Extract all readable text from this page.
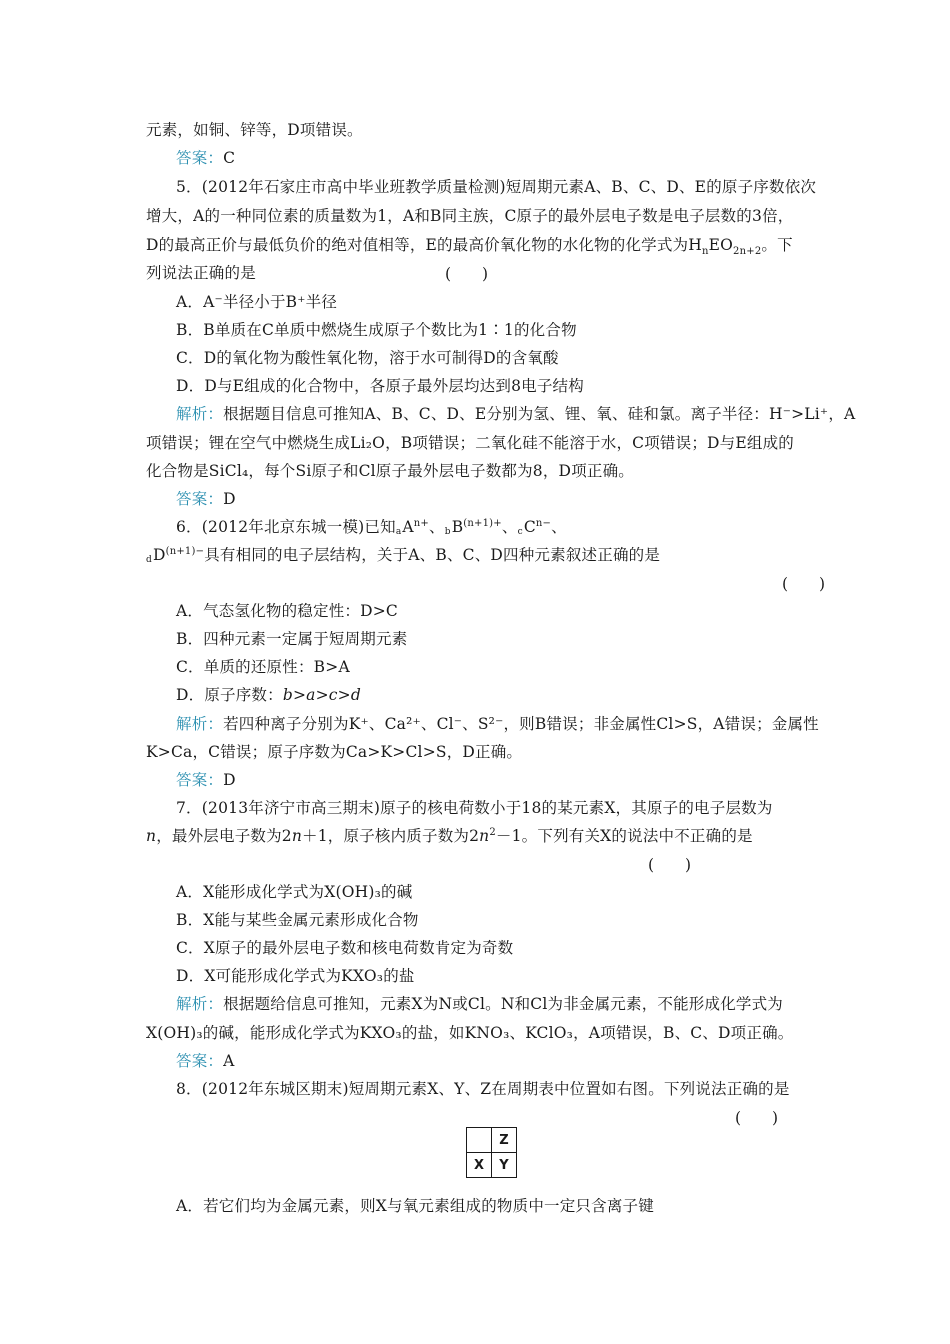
元素，如铜、锌等，D项错误。
答案：C
5．(2012年石家庄市高中毕业班教学质量检测)短周期元素A、B、C、D、E的原子序数依次
增大，A的一种同位素的质量数为1，A和B同主族，C原子的最外层电子数是电子层数的3倍，
D的最高正价与最低负价的绝对值相等，E的最高价氧化物的水化物的化学式为$H_nEO_{2n+2}$。下
列说法正确的是	(　　)
A．A⁻半径小于B⁺半径
B．B单质在C单质中燃烧生成原子个数比为1∶1的化合物
C．D的氧化物为酸性氧化物，溶于水可制得D的含氧酸
D．D与E组成的化合物中，各原子最外层均达到8电子结构
解析：根据题目信息可推知A、B、C、D、E分别为氢、锂、氧、硅和氯。离子半径：H⁻>Li⁺，A
项错误；锂在空气中燃烧生成Li₂O，B项错误；二氧化硅不能溶于水，C项错误；D与E组成的
化合物是SiCl₄，每个Si原子和Cl原子最外层电子数都为8，D项正确。
答案：D
6．(2012年北京东城一模)已知$aA^{n+}$、$bB^{(n+1)+}$、$cC^{n-}$、
$dD^{(n+1)-}$具有相同的电子层结构，关于A、B、C、D四种元素叙述正确的是
(　　)
A．气态氢化物的稳定性：D>C
B．四种元素一定属于短周期元素
C．单质的还原性：B>A
D．原子序数：b>a>c>d
解析：若四种离子分别为K⁺、Ca²⁺、Cl⁻、S²⁻，则B错误；非金属性Cl>S，A错误；金属性
K>Ca，C错误；原子序数为Ca>K>Cl>S，D正确。
答案：D
7．(2013年济宁市高三期末)原子的核电荷数小于18的某元素X，其原子的电子层数为
n，最外层电子数为2n＋1，原子核内质子数为$2n^2-1$。下列有关X的说法中不正确的是
(　　)
A．X能形成化学式为X(OH)₃的碱
B．X能与某些金属元素形成化合物
C．X原子的最外层电子数和核电荷数肯定为奇数
D．X可能形成化学式为KXO₃的盐
解析：根据题给信息可推知，元素X为N或Cl。N和Cl为非金属元素，不能形成化学式为
X(OH)₃的碱，能形成化学式为KXO₃的盐，如KNO₃、KClO₃，A项错误，B、C、D项正确。
答案：A
8．(2012年东城区期末)短周期元素X、Y、Z在周期表中位置如右图。下列说法正确的是
(　　)
	Z
X	Y
A．若它们均为金属元素，则X与氧元素组成的物质中一定只含离子键
